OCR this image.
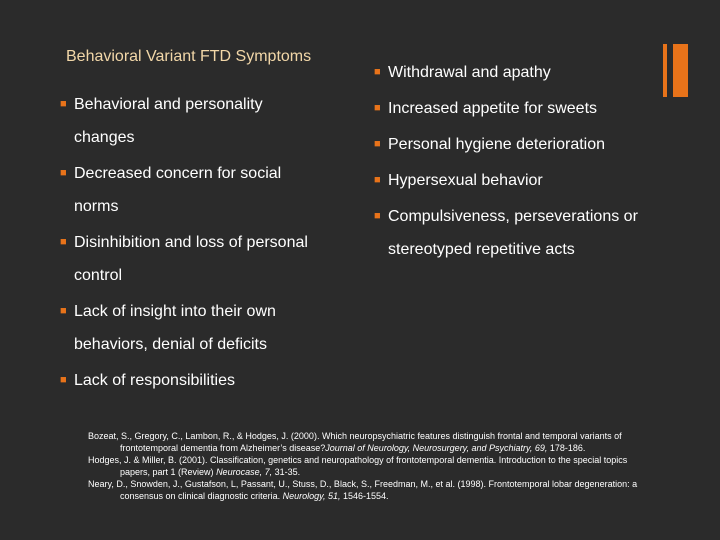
Behavioral Variant FTD Symptoms
■ Behavioral and personality changes
■ Decreased concern for social norms
■ Disinhibition and loss of personal control
■ Lack of insight into their own behaviors, denial of deficits
■ Lack of responsibilities
■ Withdrawal and apathy
■ Increased appetite for sweets
■ Personal hygiene deterioration
■ Hypersexual behavior
■ Compulsiveness, perseverations or stereotyped repetitive acts
Bozeat, S., Gregory, C., Lambon, R., & Hodges, J. (2000). Which neuropsychiatric features distinguish frontal and temporal variants of frontotemporal dementia from Alzheimer’s disease?Journal of Neurology, Neurosurgery, and Psychiatry, 69, 178-186.
Hodges, J. & Miller, B. (2001). Classification, genetics and neuropathology of frontotemporal dementia. Introduction to the special topics papers, part 1 (Review) Neurocase, 7, 31-35.
Neary, D., Snowden, J., Gustafson, L, Passant, U., Stuss, D., Black, S., Freedman, M., et al. (1998). Frontotemporal lobar degeneration: a consensus on clinical diagnostic criteria. Neurology, 51, 1546-1554.
